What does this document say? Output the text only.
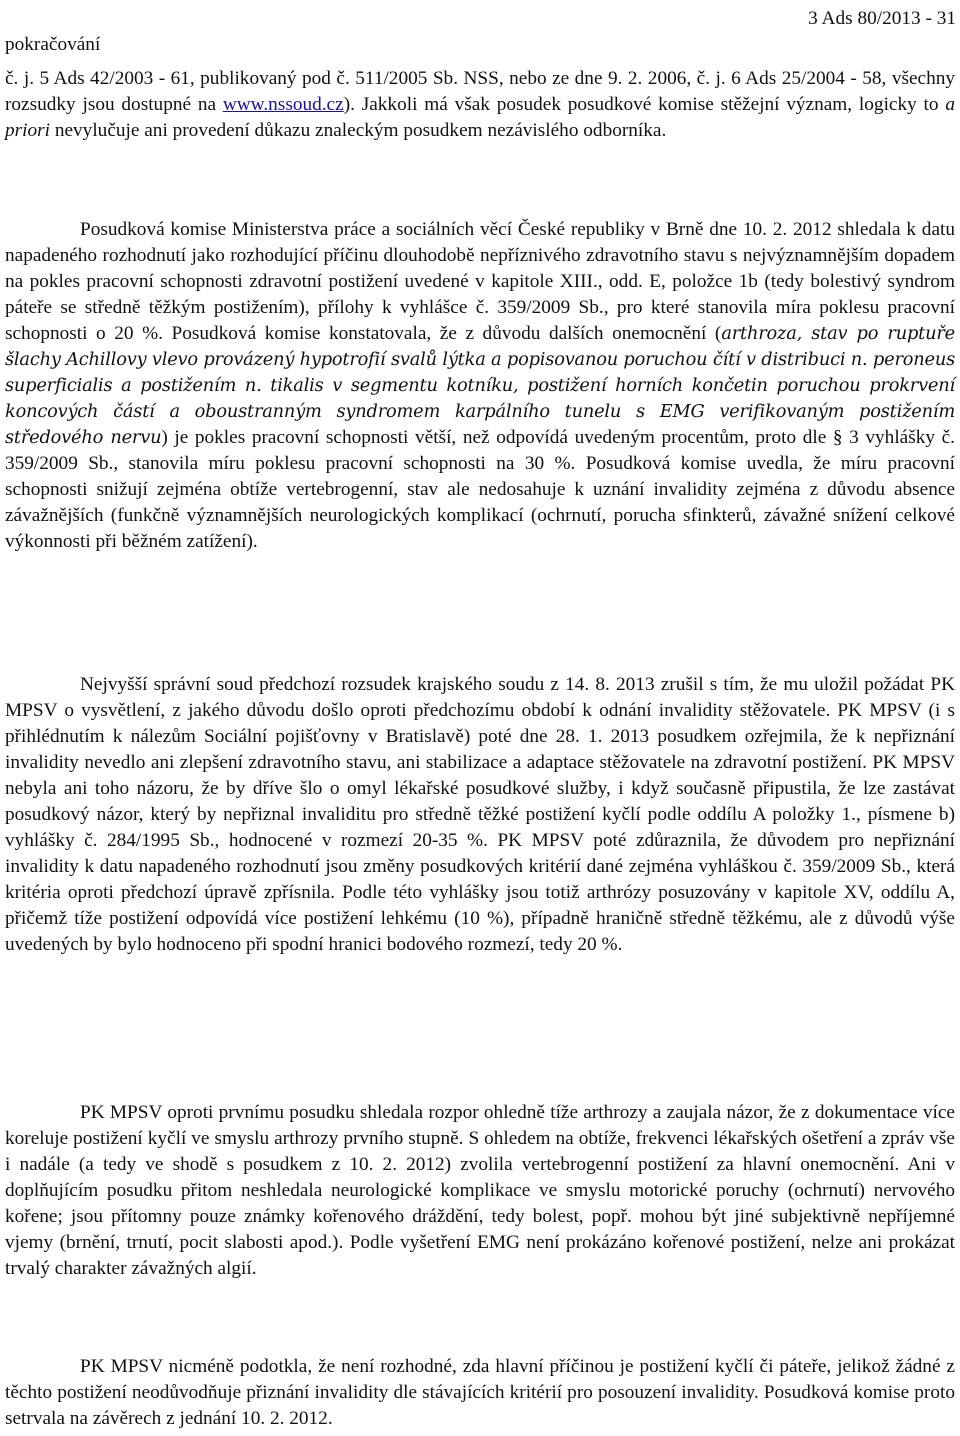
pokračování
3 Ads 80/2013 - 31

č. j. 5 Ads 42/2003 - 61, publikovaný pod č. 511/2005 Sb. NSS, nebo ze dne 9. 2. 2006, č. j. 6 Ads 25/2004 - 58, všechny rozsudky jsou dostupné na www.nssoud.cz). Jakkoli má však posudek posudkové komise stěžejní význam, logicky to a priori nevylučuje ani provedení důkazu znaleckým posudkem nezávislého odborníka.

Posudková komise Ministerstva práce a sociálních věcí České republiky v Brně dne 10. 2. 2012 shledala k datu napadeného rozhodnutí jako rozhodující příčinu dlouhodobě nepříznivého zdravotního stavu s nejvýznamnějším dopadem na pokles pracovní schopnosti zdravotní postižení uvedené v kapitole XIII., odd. E, položce 1b (tedy bolestivý syndrom páteře se středně těžkým postižením), přílohy k vyhlášce č. 359/2009 Sb., pro které stanovila míra poklesu pracovní schopnosti o 20 %. Posudková komise konstatovala, že z důvodu dalších onemocnění (arthroza, stav po ruptuře šlachy Achillovy vlevo provázený hypotrofií svalů lýtka a popisovanou poruchou čítí v distribuci n. peroneus superficialis a postižením n. tikalis v segmentu kotníku, postižení horních končetin poruchou prokrvení koncových částí a oboustranným syndromem karpálního tunelu s EMG verifikovaným postižením středového nervu) je pokles pracovní schopnosti větší, než odpovídá uvedeným procentům, proto dle § 3 vyhlášky č. 359/2009 Sb., stanovila míru poklesu pracovní schopnosti na 30 %. Posudková komise uvedla, že míru pracovní schopnosti snižují zejména obtíže vertebrogenní, stav ale nedosahuje k uznání invalidity zejména z důvodu absence závažnějších (funkčně významnějších neurologických komplikací (ochrnutí, porucha sfinkterů, závažné snížení celkové výkonnosti při běžném zatížení).

Nejvyšší správní soud předchozí rozsudek krajského soudu z 14. 8. 2013 zrušil s tím, že mu uložil požádat PK MPSV o vysvětlení, z jakého důvodu došlo oproti předchozímu období k odnání invalidity stěžovatele. PK MPSV (i s přihlédnutím k nálezům Sociální pojišťovny v Bratislavě) poté dne 28. 1. 2013 posudkem ozřejmila, že k nepřiznání invalidity nevedlo ani zlepšení zdravotního stavu, ani stabilizace a adaptace stěžovatele na zdravotní postižení. PK MPSV nebyla ani toho názoru, že by dříve šlo o omyl lékařské posudkové služby, i když současně připustila, že lze zastávat posudkový názor, který by nepřiznal invaliditu pro středně těžké postižení kyčlí podle oddílu A položky 1., písmene b) vyhlášky č. 284/1995 Sb., hodnocené v rozmezí 20-35 %. PK MPSV poté zdůraznila, že důvodem pro nepřiznání invalidity k datu napadeného rozhodnutí jsou změny posudkových kritérií dané zejména vyhláškou č. 359/2009 Sb., která kritéria oproti předchozí úpravě zpřísnila. Podle této vyhlášky jsou totiž arthrózy posuzovány v kapitole XV, oddílu A, přičemž tíže postižení odpovídá více postižení lehkému (10 %), případně hraničně středně těžkému, ale z důvodů výše uvedených by bylo hodnoceno při spodní hranici bodového rozmezí, tedy 20 %.

PK MPSV oproti prvnímu posudku shledala rozpor ohledně tíže arthrozy a zaujala názor, že z dokumentace více koreluje postižení kyčlí ve smyslu arthrozy prvního stupně. S ohledem na obtíže, frekvenci lékařských ošetření a zpráv vše i nadále (a tedy ve shodě s posudkem z 10. 2. 2012) zvolila vertebrogenní postižení za hlavní onemocnění. Ani v doplňujícím posudku přitom neshledala neurologické komplikace ve smyslu motorické poruchy (ochrnutí) nervového kořene; jsou přítomny pouze známky kořenového dráždění, tedy bolest, popř. mohou být jiné subjektivně nepříjemné vjemy (brnění, trnutí, pocit slabosti apod.). Podle vyšetření EMG není prokázáno kořenové postižení, nelze ani prokázat trvalý charakter závažných algií.

PK MPSV nicméně podotkla, že není rozhodné, zda hlavní příčinou je postižení kyčlí či páteře, jelikož žádné z těchto postižení neodůvodňuje přiznání invalidity dle stávajících kritérií pro posouzení invalidity. Posudková komise proto setrvala na závěrech z jednání 10. 2. 2012.
